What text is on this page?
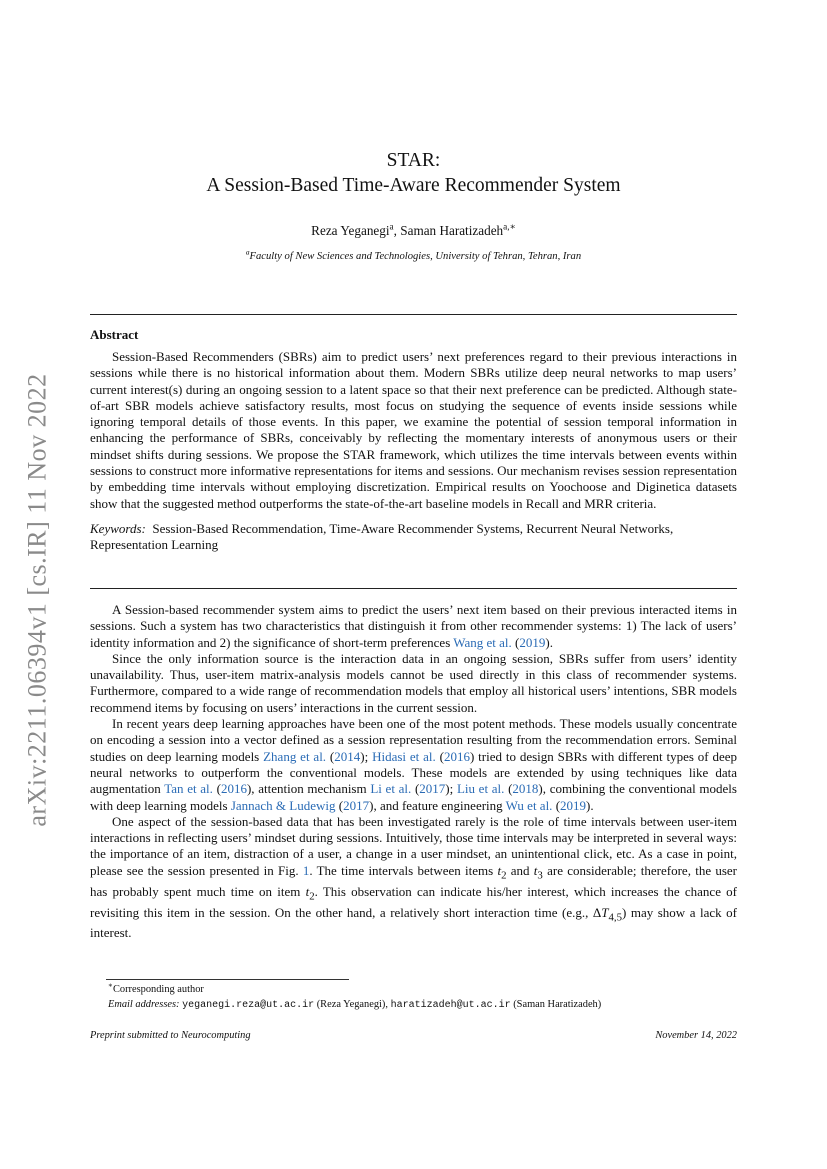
arXiv:2211.06394v1 [cs.IR] 11 Nov 2022
STAR:
A Session-Based Time-Aware Recommender System
Reza Yeganegi$^a$, Saman Haratizadeh$^{a,∗}$
$^a$Faculty of New Sciences and Technologies, University of Tehran, Tehran, Iran
Abstract

Session-Based Recommenders (SBRs) aim to predict users’ next preferences regard to their previous interactions in sessions while there is no historical information about them. Modern SBRs utilize deep neural networks to map users’ current interest(s) during an ongoing session to a latent space so that their next preference can be predicted. Although state-of-art SBR models achieve satisfactory results, most focus on studying the sequence of events inside sessions while ignoring temporal details of those events. In this paper, we examine the potential of session temporal information in enhancing the performance of SBRs, conceivably by reflecting the momentary interests of anonymous users or their mindset shifts during sessions. We propose the STAR framework, which utilizes the time intervals between events within sessions to construct more informative representations for items and sessions. Our mechanism revises session representation by embedding time intervals without employing discretization. Empirical results on Yoochoose and Diginetica datasets show that the suggested method outperforms the state-of-the-art baseline models in Recall and MRR criteria.

Keywords: Session-Based Recommendation, Time-Aware Recommender Systems, Recurrent Neural Networks, Representation Learning

A Session-based recommender system aims to predict the users’ next item based on their previous interacted items in sessions. Such a system has two characteristics that distinguish it from other recommender systems: 1) The lack of users’ identity information and 2) the significance of short-term preferences Wang et al. (2019).

Since the only information source is the interaction data in an ongoing session, SBRs suffer from users’ identity unavailability. Thus, user-item matrix-analysis models cannot be used directly in this class of recommender systems. Furthermore, compared to a wide range of recommendation models that employ all historical users’ intentions, SBR models recommend items by focusing on users’ interactions in the current session.

In recent years deep learning approaches have been one of the most potent methods. These models usually concentrate on encoding a session into a vector defined as a session representation resulting from the recommendation errors. Seminal studies on deep learning models Zhang et al. (2014); Hidasi et al. (2016) tried to design SBRs with different types of deep neural networks to outperform the conventional models. These models are extended by using techniques like data augmentation Tan et al. (2016), attention mechanism Li et al. (2017); Liu et al. (2018), combining the conventional models with deep learning models Jannach & Ludewig (2017), and feature engineering Wu et al. (2019).

One aspect of the session-based data that has been investigated rarely is the role of time intervals between user-item interactions in reflecting users’ mindset during sessions. Intuitively, those time intervals may be interpreted in several ways: the importance of an item, distraction of a user, a change in a user mindset, an unintentional click, etc. As a case in point, please see the session presented in Fig. 1. The time intervals between items $t_2$ and $t_3$ are considerable; therefore, the user has probably spent much time on item $t_2$. This observation can indicate his/her interest, which increases the chance of revisiting this item in the session. On the other hand, a relatively short interaction time (e.g., $\Delta T_{4,5}$) may show a lack of interest.

∗Corresponding author
Email addresses: yeganegi.reza@ut.ac.ir (Reza Yeganegi), haratizadeh@ut.ac.ir (Saman Haratizadeh)
Preprint submitted to Neurocomputing	November 14, 2022
